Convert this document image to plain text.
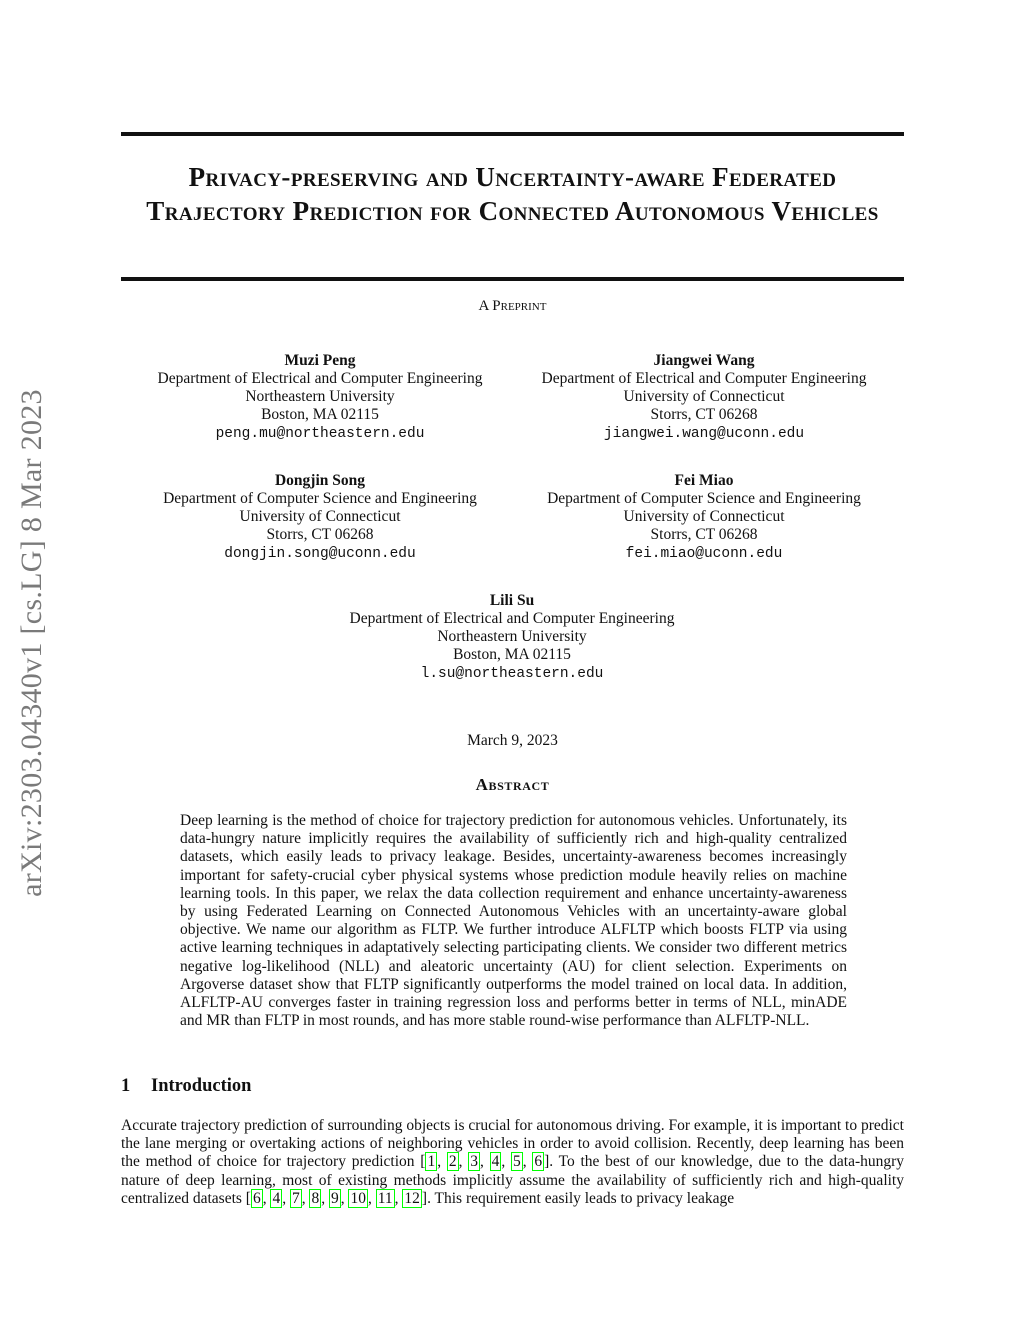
arXiv:2303.04340v1 [cs.LG] 8 Mar 2023
Privacy-preserving and Uncertainty-aware Federated Trajectory Prediction for Connected Autonomous Vehicles
A Preprint
Muzi Peng
Department of Electrical and Computer Engineering
Northeastern University
Boston, MA 02115
peng.mu@northeastern.edu
Jiangwei Wang
Department of Electrical and Computer Engineering
University of Connecticut
Storrs, CT 06268
jiangwei.wang@uconn.edu
Dongjin Song
Department of Computer Science and Engineering
University of Connecticut
Storrs, CT 06268
dongjin.song@uconn.edu
Fei Miao
Department of Computer Science and Engineering
University of Connecticut
Storrs, CT 06268
fei.miao@uconn.edu
Lili Su
Department of Electrical and Computer Engineering
Northeastern University
Boston, MA 02115
l.su@northeastern.edu
March 9, 2023
Abstract

Deep learning is the method of choice for trajectory prediction for autonomous vehicles. Unfortunately, its data-hungry nature implicitly requires the availability of sufficiently rich and high-quality centralized datasets, which easily leads to privacy leakage. Besides, uncertainty-awareness becomes increasingly important for safety-crucial cyber physical systems whose prediction module heavily relies on machine learning tools. In this paper, we relax the data collection requirement and enhance uncertainty-awareness by using Federated Learning on Connected Autonomous Vehicles with an uncertainty-aware global objective. We name our algorithm as FLTP. We further introduce ALFLTP which boosts FLTP via using active learning techniques in adaptatively selecting participating clients. We consider two different metrics negative log-likelihood (NLL) and aleatoric uncertainty (AU) for client selection. Experiments on Argoverse dataset show that FLTP significantly outperforms the model trained on local data. In addition, ALFLTP-AU converges faster in training regression loss and performs better in terms of NLL, minADE and MR than FLTP in most rounds, and has more stable round-wise performance than ALFLTP-NLL.

1 Introduction

Accurate trajectory prediction of surrounding objects is crucial for autonomous driving. For example, it is important to predict the lane merging or overtaking actions of neighboring vehicles in order to avoid collision. Recently, deep learning has been the method of choice for trajectory prediction [ 1 , 2 , 3 , 4 , 5 , 6 ]. To the best of our knowledge, due to the data-hungry nature of deep learning, most of existing methods implicitly assume the availability of sufficiently rich and high-quality centralized datasets [ 6 , 4 , 7 , 8 , 9 , 10 , 11 , 12 ]. This requirement easily leads to privacy leakage
